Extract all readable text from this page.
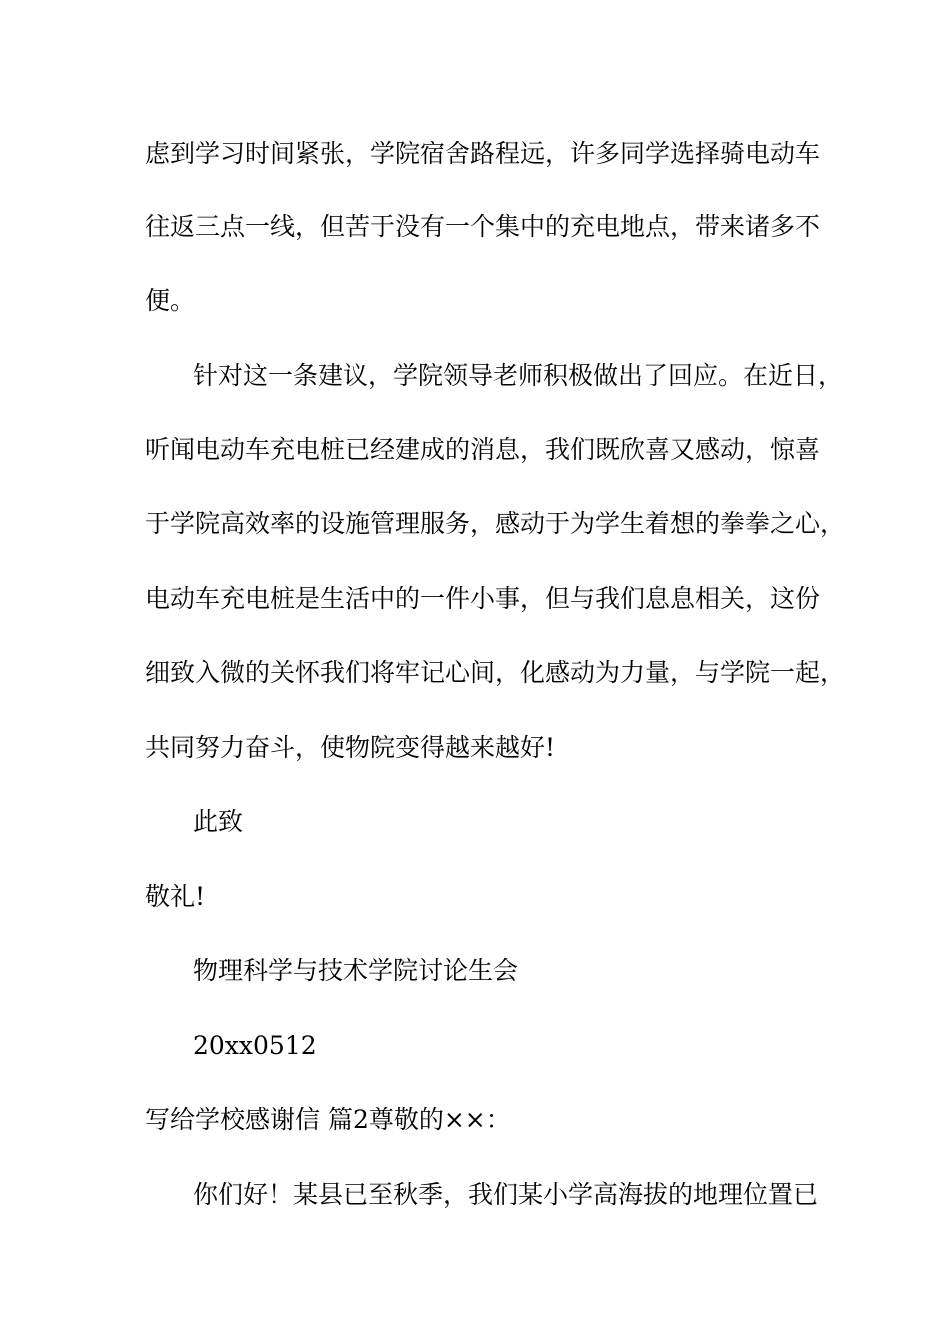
虑到学习时间紧张，学院宿舍路程远，许多同学选择骑电动车
往返三点一线，但苦于没有一个集中的充电地点，带来诸多不
便。
针对这一条建议，学院领导老师积极做出了回应。在近日，
听闻电动车充电桩已经建成的消息，我们既欣喜又感动，惊喜
于学院高效率的设施管理服务，感动于为学生着想的拳拳之心，
电动车充电桩是生活中的一件小事，但与我们息息相关，这份
细致入微的关怀我们将牢记心间，化感动为力量，与学院一起，
共同努力奋斗，使物院变得越来越好!
此致
敬礼!
物理科学与技术学院讨论生会
20xx0512
写给学校感谢信 篇2尊敬的××：
你们好！某县已至秋季，我们某小学高海拔的地理位置已
